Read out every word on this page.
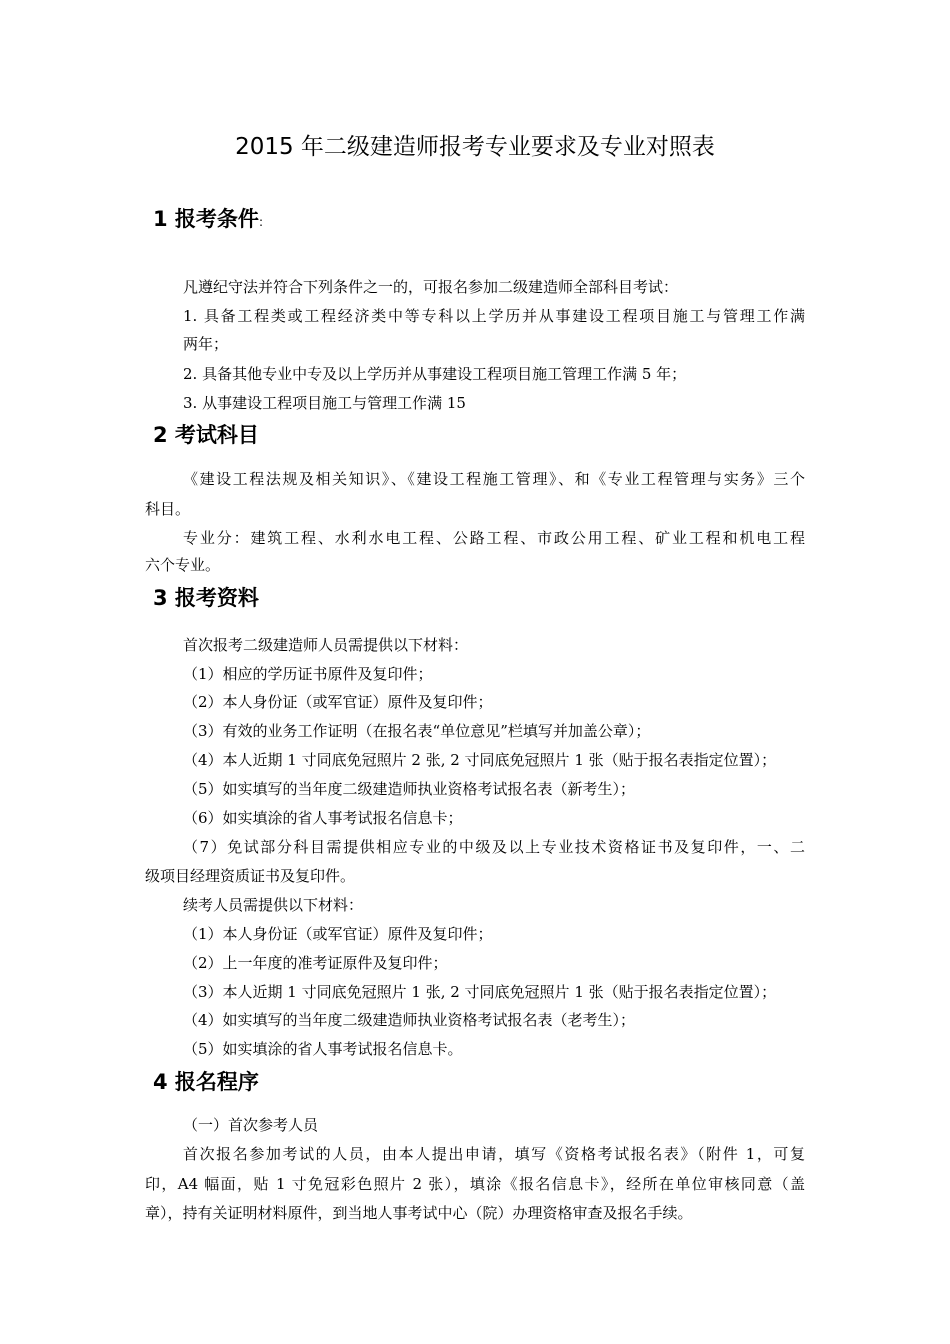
2015 年二级建造师报考专业要求及专业对照表
1 报考条件:
凡遵纪守法并符合下列条件之一的，可报名参加二级建造师全部科目考试：
1. 具备工程类或工程经济类中等专科以上学历并从事建设工程项目施工与管理工作满
两年；
2. 具备其他专业中专及以上学历并从事建设工程项目施工管理工作满 5 年；
3. 从事建设工程项目施工与管理工作满 15
2 考试科目
《建设工程法规及相关知识》、《建设工程施工管理》、和《专业工程管理与实务》三个
科目。
专业分：建筑工程、水利水电工程、公路工程、市政公用工程、矿业工程和机电工程
六个专业。
3 报考资料
首次报考二级建造师人员需提供以下材料：
（1）相应的学历证书原件及复印件；
（2）本人身份证（或军官证）原件及复印件；
（3）有效的业务工作证明（在报名表“单位意见”栏填写并加盖公章）；
（4）本人近期 1 寸同底免冠照片 2 张, 2 寸同底免冠照片 1 张（贴于报名表指定位置）；
（5）如实填写的当年度二级建造师执业资格考试报名表（新考生）；
（6）如实填涂的省人事考试报名信息卡；
（7）免试部分科目需提供相应专业的中级及以上专业技术资格证书及复印件，一、二
级项目经理资质证书及复印件。
续考人员需提供以下材料：
（1）本人身份证（或军官证）原件及复印件；
（2）上一年度的准考证原件及复印件；
（3）本人近期 1 寸同底免冠照片 1 张, 2 寸同底免冠照片 1 张（贴于报名表指定位置）；
（4）如实填写的当年度二级建造师执业资格考试报名表（老考生）；
（5）如实填涂的省人事考试报名信息卡。
4 报名程序
（一）首次参考人员
首次报名参加考试的人员，由本人提出申请，填写《资格考试报名表》（附件 1，可复
印，A4 幅面，贴 1 寸免冠彩色照片 2 张），填涂《报名信息卡》，经所在单位审核同意（盖
章），持有关证明材料原件，到当地人事考试中心（院）办理资格审查及报名手续。
